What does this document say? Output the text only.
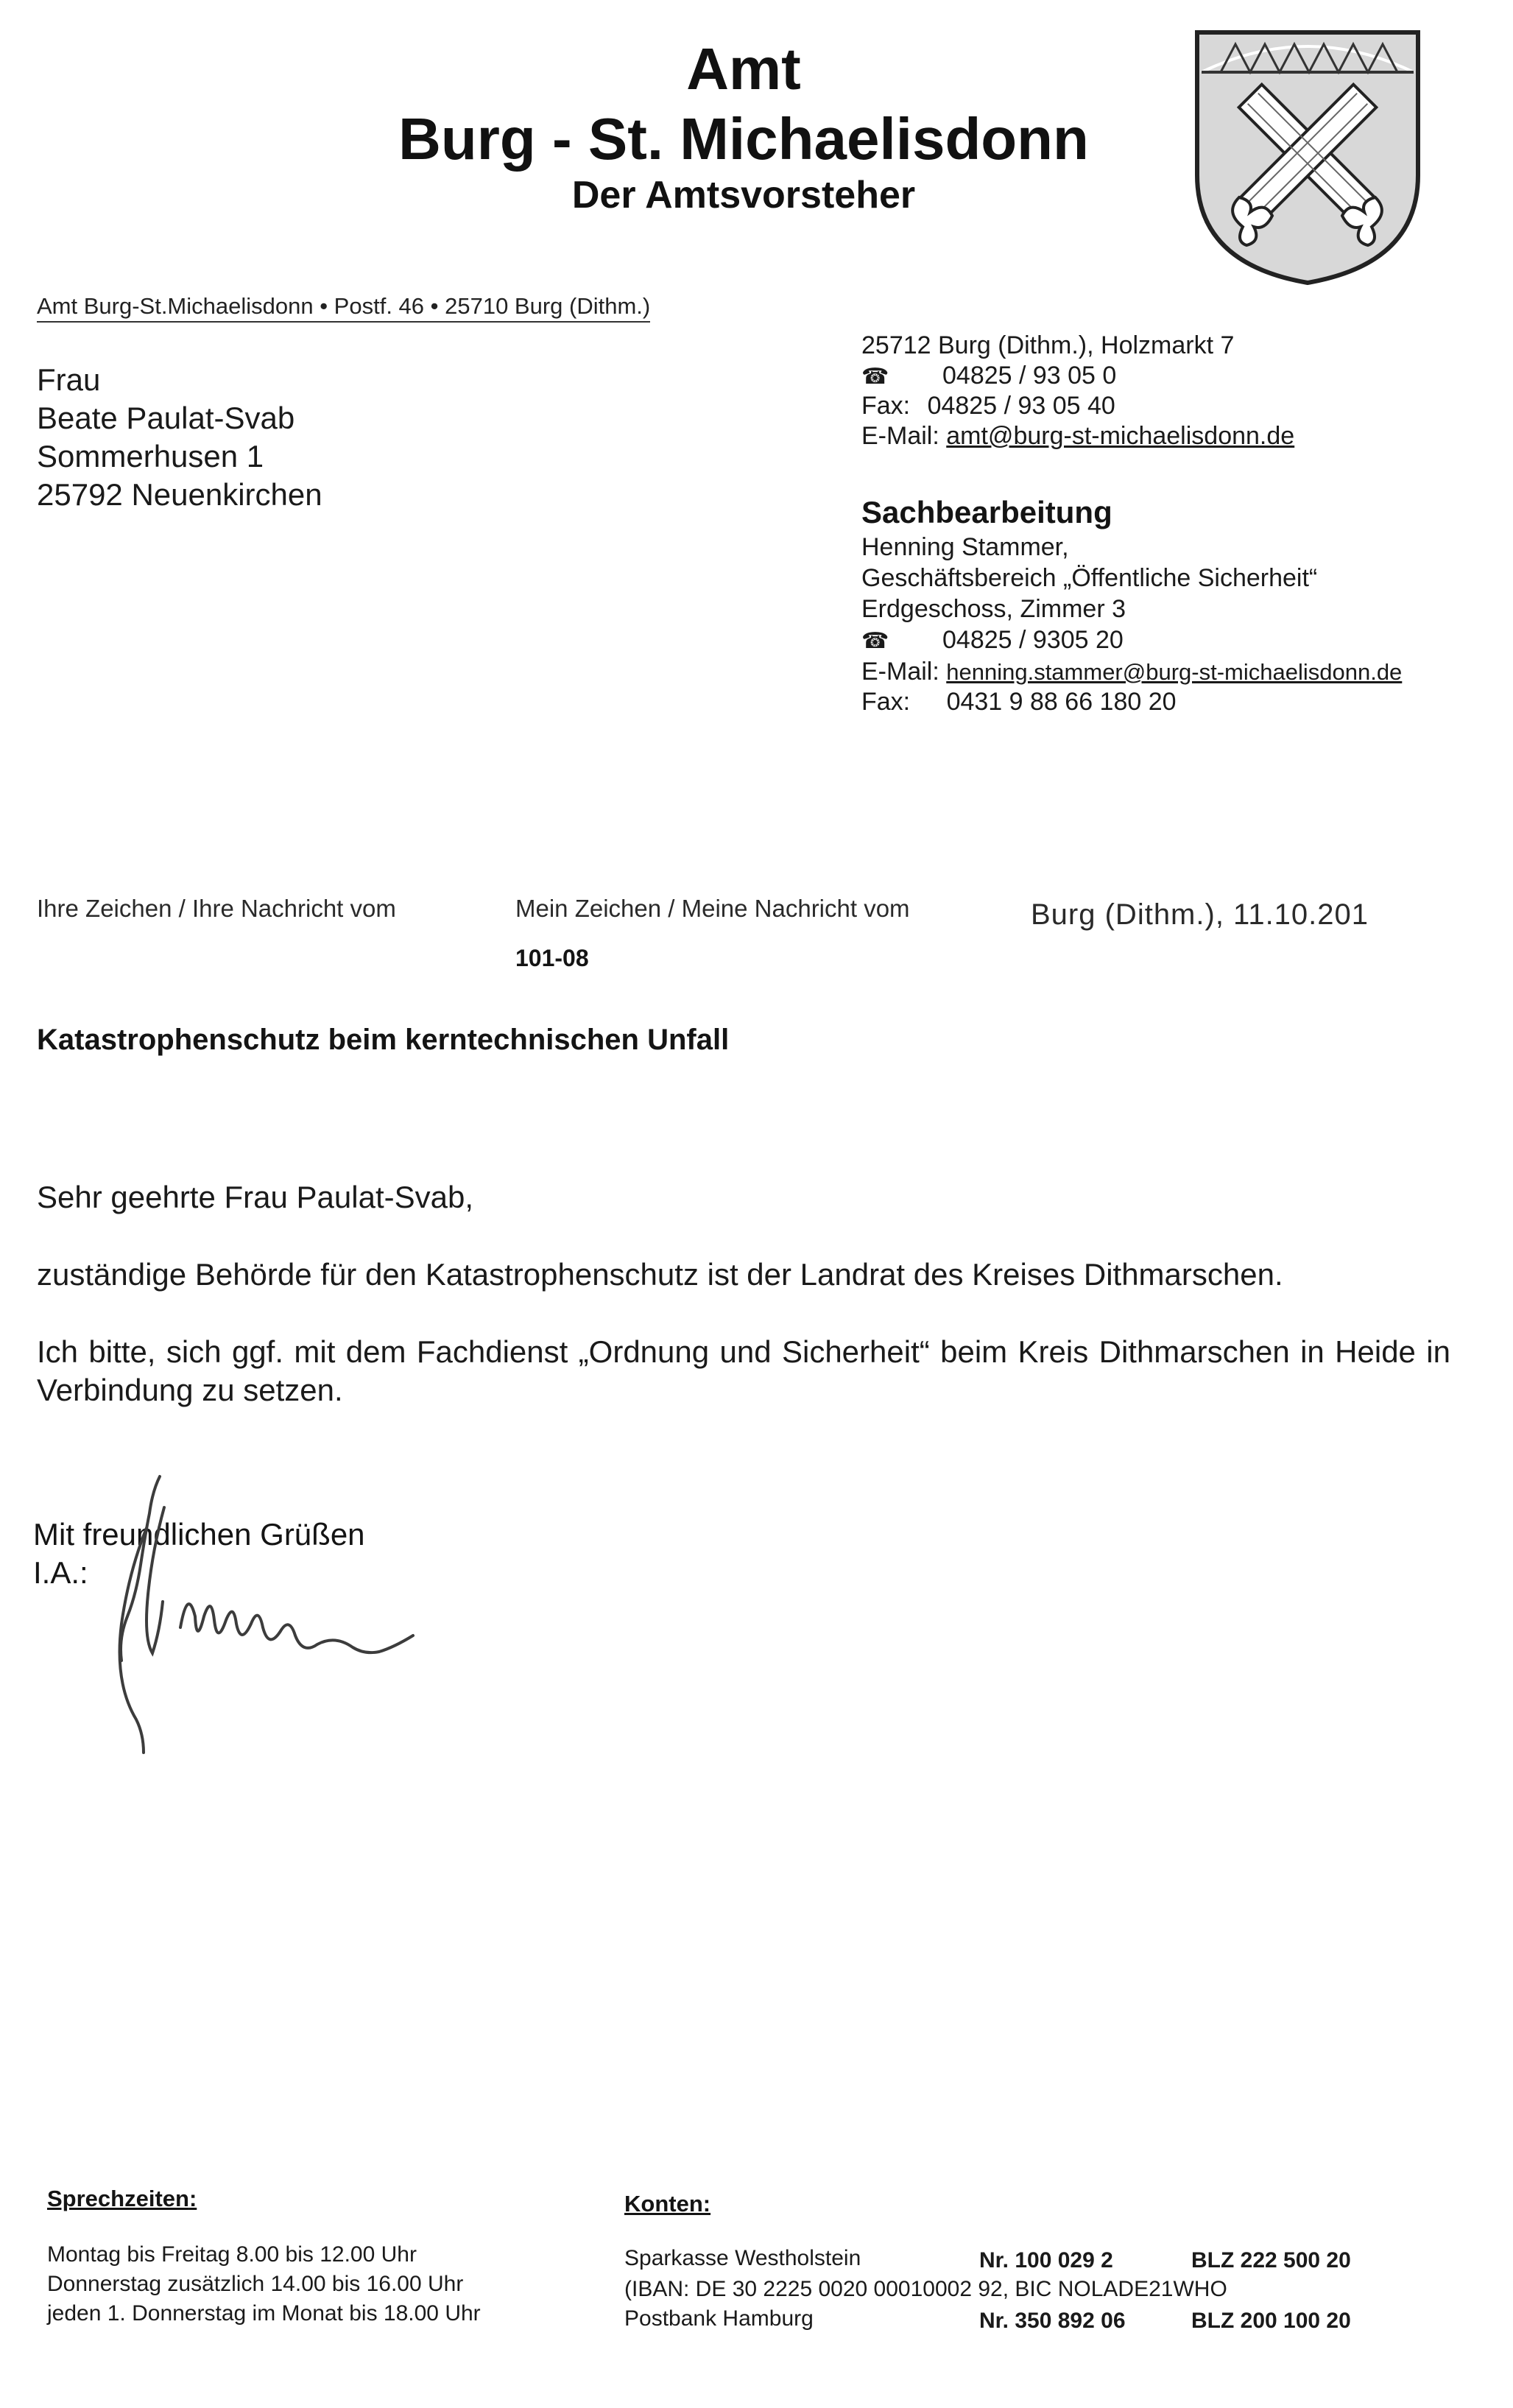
Amt
Burg - St. Michaelisdonn
Der Amtsvorsteher
Amt Burg-St.Michaelisdonn • Postf. 46 • 25710 Burg (Dithm.)
Frau
Beate Paulat-Svab
Sommerhusen 1
25792 Neuenkirchen
25712 Burg (Dithm.), Holzmarkt 7
☎ 04825 / 93 05 0
Fax: 04825 / 93 05 40
E-Mail: amt@burg-st-michaelisdonn.de
Sachbearbeitung
Henning Stammer,
Geschäftsbereich „Öffentliche Sicherheit“
Erdgeschoss, Zimmer 3
☎ 04825 / 9305 20
E-Mail: henning.stammer@burg-st-michaelisdonn.de
Fax: 0431 9 88 66 180 20
Ihre Zeichen / Ihre Nachricht vom	Mein Zeichen / Meine Nachricht vom
101-08
Burg (Dithm.), 11.10.201
Katastrophenschutz beim kerntechnischen Unfall
Sehr geehrte Frau Paulat-Svab,
zuständige Behörde für den Katastrophenschutz ist der Landrat des Kreises Dithmarschen.
Ich bitte, sich ggf. mit dem Fachdienst „Ordnung und Sicherheit“ beim Kreis Dithmarschen in Heide in Verbindung zu setzen.
Mit freundlichen Grüßen
I.A.:
Sprechzeiten:
Montag bis Freitag 8.00 bis 12.00 Uhr
Donnerstag zusätzlich 14.00 bis 16.00 Uhr
jeden 1. Donnerstag im Monat bis 18.00 Uhr
Konten:
Sparkasse Westholstein	Nr. 100 029 2	BLZ 222 500 20
(IBAN: DE 30 2225 0020 00010002 92, BIC NOLADE21WHO
Postbank Hamburg	Nr. 350 892 06	BLZ 200 100 20
